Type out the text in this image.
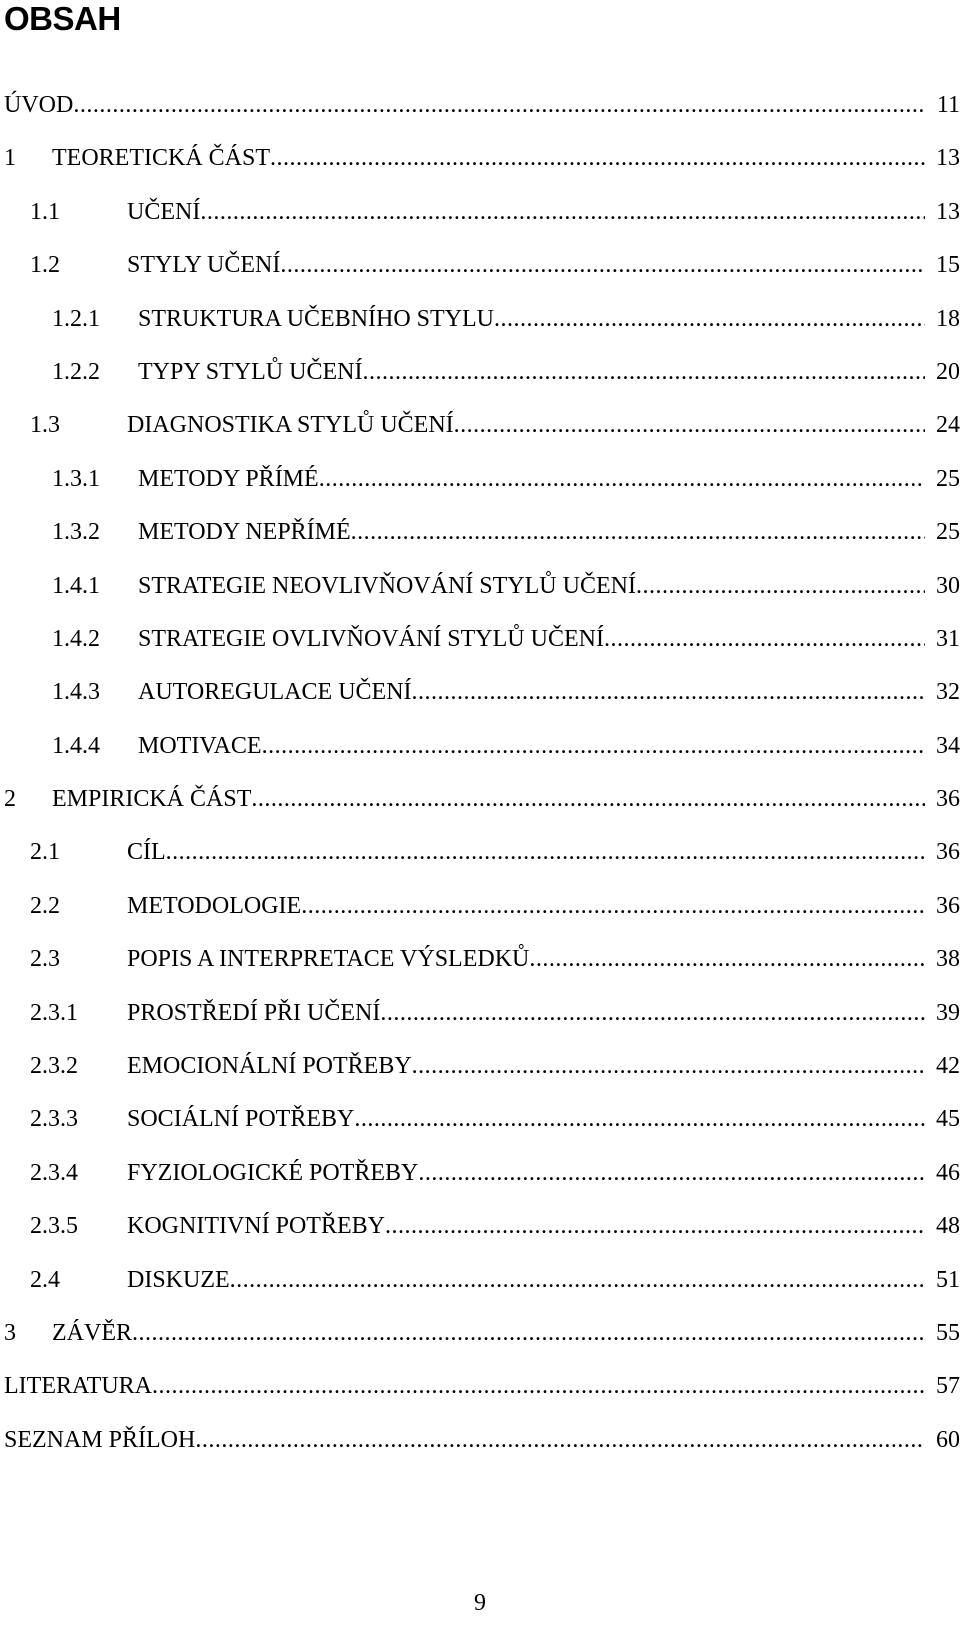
OBSAH
ÚVOD .....	11
1 TEORETICKÁ ČÁST .....	13
1.1	UČENÍ .....	13
1.2	STYLY UČENÍ .....	15
1.2.1 STRUKTURA UČEBNÍHO STYLU .....	18
1.2.2 TYPY STYLŮ UČENÍ .....	20
1.3	DIAGNOSTIKA STYLŮ UČENÍ .....	24
1.3.1 METODY PŘÍMÉ .....	25
1.3.2 METODY NEPŘÍMÉ .....	25
1.4.1 STRATEGIE NEOVLIVŇOVÁNÍ STYLŮ UČENÍ .....	30
1.4.2 STRATEGIE OVLIVŇOVÁNÍ STYLŮ UČENÍ .....	31
1.4.3 AUTOREGULACE UČENÍ .....	32
1.4.4 MOTIVACE .....	34
2 EMPIRICKÁ ČÁST .....	36
2.1	CÍL .....	36
2.2	METODOLOGIE .....	36
2.3	POPIS A INTERPRETACE VÝSLEDKŮ .....	38
2.3.1 PROSTŘEDÍ PŘI UČENÍ .....	39
2.3.2 EMOCIONÁLNÍ POTŘEBY .....	42
2.3.3 SOCIÁLNÍ POTŘEBY .....	45
2.3.4 FYZIOLOGICKÉ POTŘEBY .....	46
2.3.5 KOGNITIVNÍ POTŘEBY .....	48
2.4	DISKUZE .....	51
3 ZÁVĚR .....	55
LITERATURA .....	57
SEZNAM PŘÍLOH .....	60
9
